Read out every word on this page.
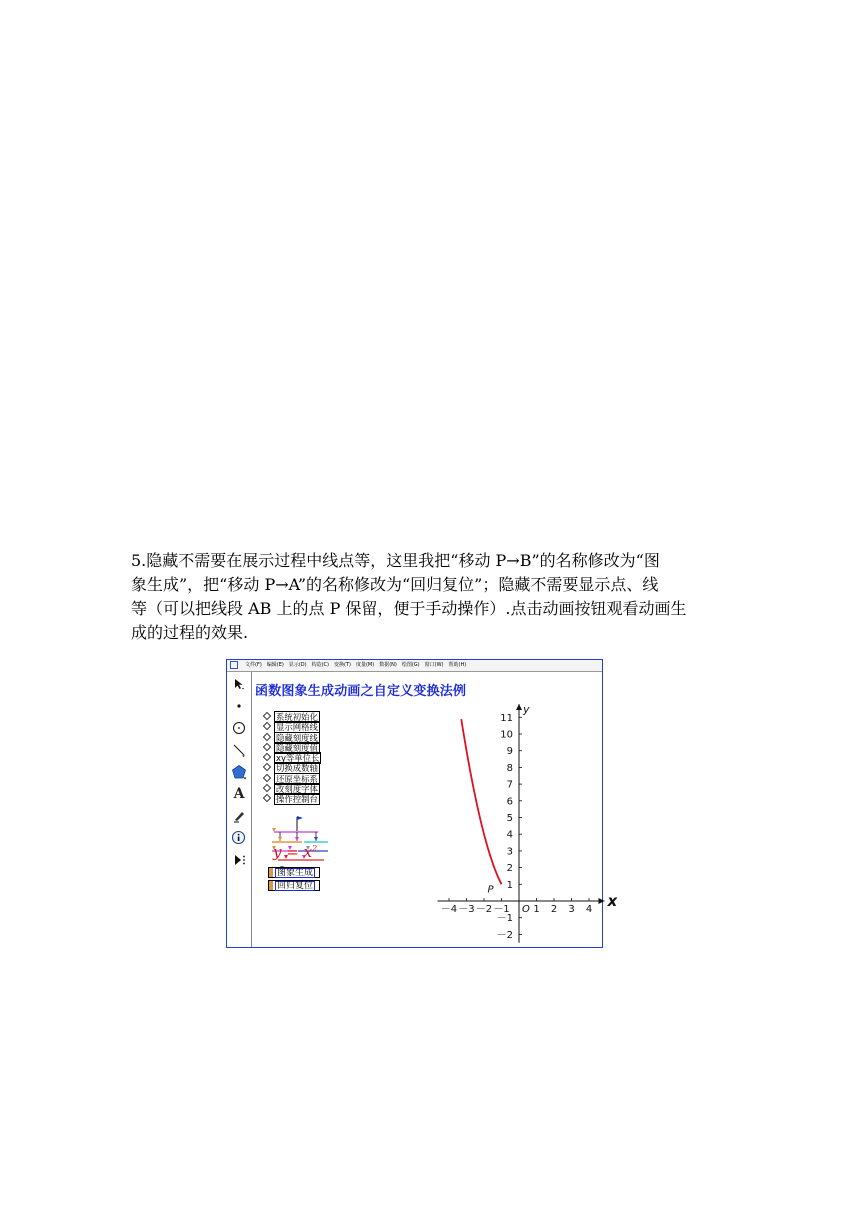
5.隐藏不需要在展示过程中线点等，这里我把“移动 P→B”的名称修改为“图

象生成”，把“移动 P→A”的名称修改为“回归复位”；隐藏不需要显示点、线

等（可以把线段 AB 上的点 P 保留，便于手动操作）.点击动画按钮观看动画生

成的过程的效果.

文件(F) 编辑(E) 显示(D) 构造(C) 变换(T) 度量(M) 数据(N) 绘图(G) 窗口(W) 帮助(H)
A
函数图象生成动画之自定义变换法例
系统初始化
显示网格线
隐藏刻度线
隐藏刻度值
xy等单位长
切换成数轴
还原坐标系
改刻度字体
操作控制台
$y = x^2$
图象生成
回归复位
－4 －3 －2 －1 1 2 3 4
11
10
9
8
7
6
5
4
3
2
1
－1
－2
x
y
O
P
